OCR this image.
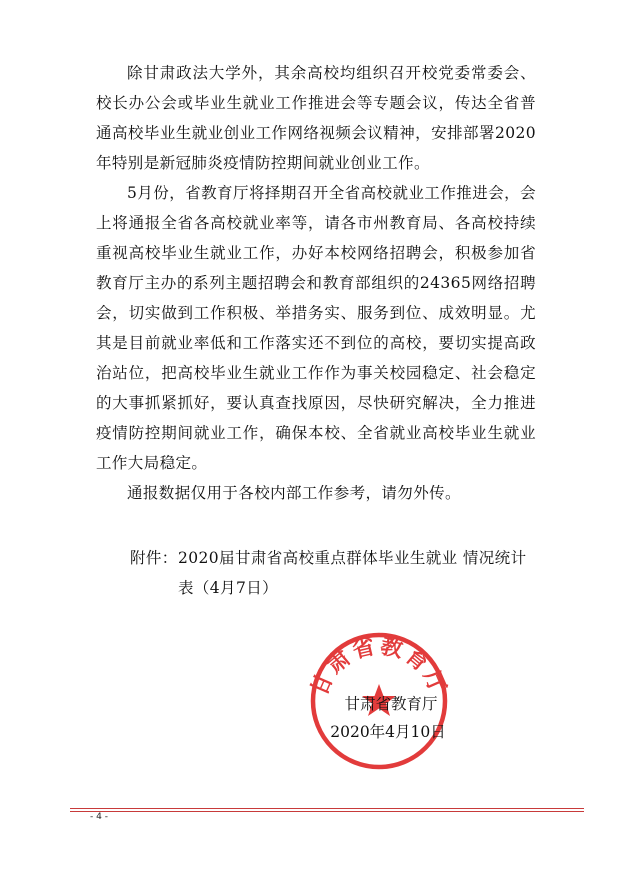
除甘肃政法大学外，其余高校均组织召开校党委常委会、校长办公会或毕业生就业工作推进会等专题会议，传达全省普通高校毕业生就业创业工作网络视频会议精神，安排部署2020年特别是新冠肺炎疫情防控期间就业创业工作。

5月份，省教育厅将择期召开全省高校就业工作推进会，会上将通报全省各高校就业率等，请各市州教育局、各高校持续重视高校毕业生就业工作，办好本校网络招聘会，积极参加省教育厅主办的系列主题招聘会和教育部组织的24365网络招聘会，切实做到工作积极、举措务实、服务到位、成效明显。尤其是目前就业率低和工作落实还不到位的高校，要切实提高政治站位，把高校毕业生就业工作作为事关校园稳定、社会稳定的大事抓紧抓好，要认真查找原因，尽快研究解决，全力推进疫情防控期间就业工作，确保本校、全省就业高校毕业生就业工作大局稳定。

通报数据仅用于各校内部工作参考，请勿外传。

附件： 2020届甘肃省高校重点群体毕业生就业 情况统计表（4月7日）
甘肃省教育厅
甘肃省教育厅
2020年4月10日
- 4 -
